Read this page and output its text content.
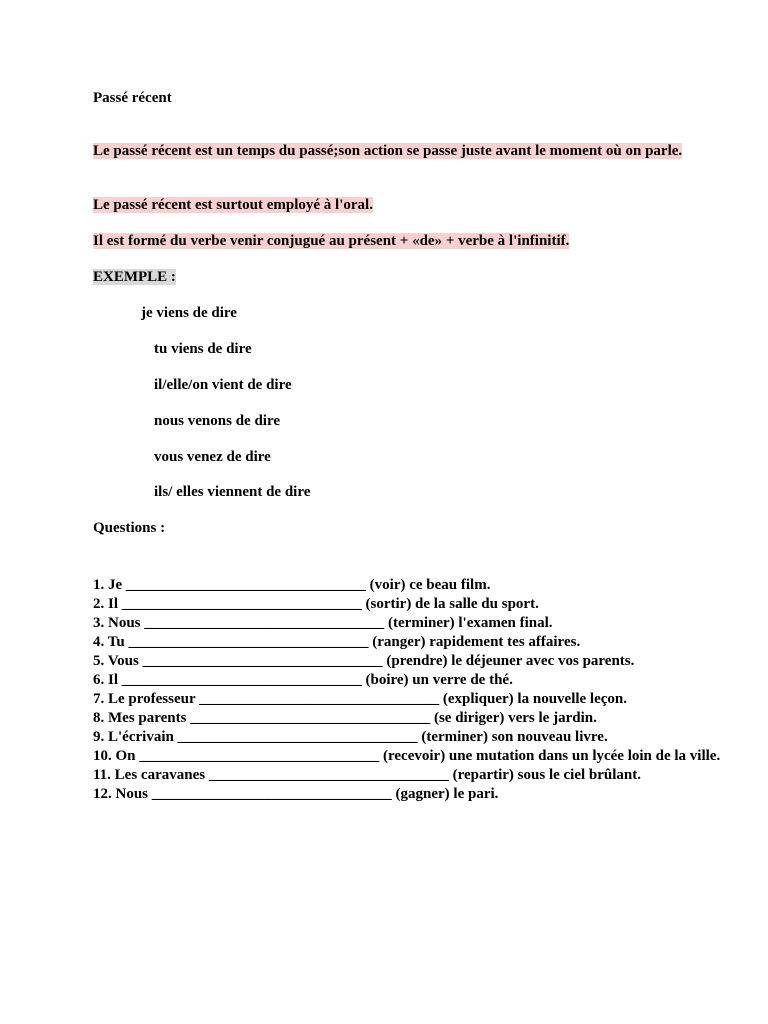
Passé récent
Le passé récent est un temps du passé;son action se passe juste avant le moment où on parle.
Le passé récent est surtout employé à l'oral.
Il est formé du verbe venir conjugué au présent + «de» + verbe à l'infinitif.
EXEMPLE :
je viens de dire
tu viens de dire
il/elle/on vient de dire
nous venons de dire
vous venez de dire
ils/ elles viennent de dire
Questions :
1. Je ________________________________ (voir) ce beau film.
2. Il ________________________________ (sortir) de la salle du sport.
3. Nous ________________________________ (terminer) l'examen final.
4. Tu ________________________________ (ranger) rapidement tes affaires.
5. Vous ________________________________ (prendre) le déjeuner avec vos parents.
6. Il ________________________________ (boire) un verre de thé.
7. Le professeur ________________________________ (expliquer) la nouvelle leçon.
8. Mes parents ________________________________ (se diriger) vers le jardin.
9. L'écrivain ________________________________ (terminer) son nouveau livre.
10. On ________________________________ (recevoir) une mutation dans un lycée loin de la ville.
11. Les caravanes ________________________________ (repartir) sous le ciel brûlant.
12. Nous ________________________________ (gagner) le pari.
